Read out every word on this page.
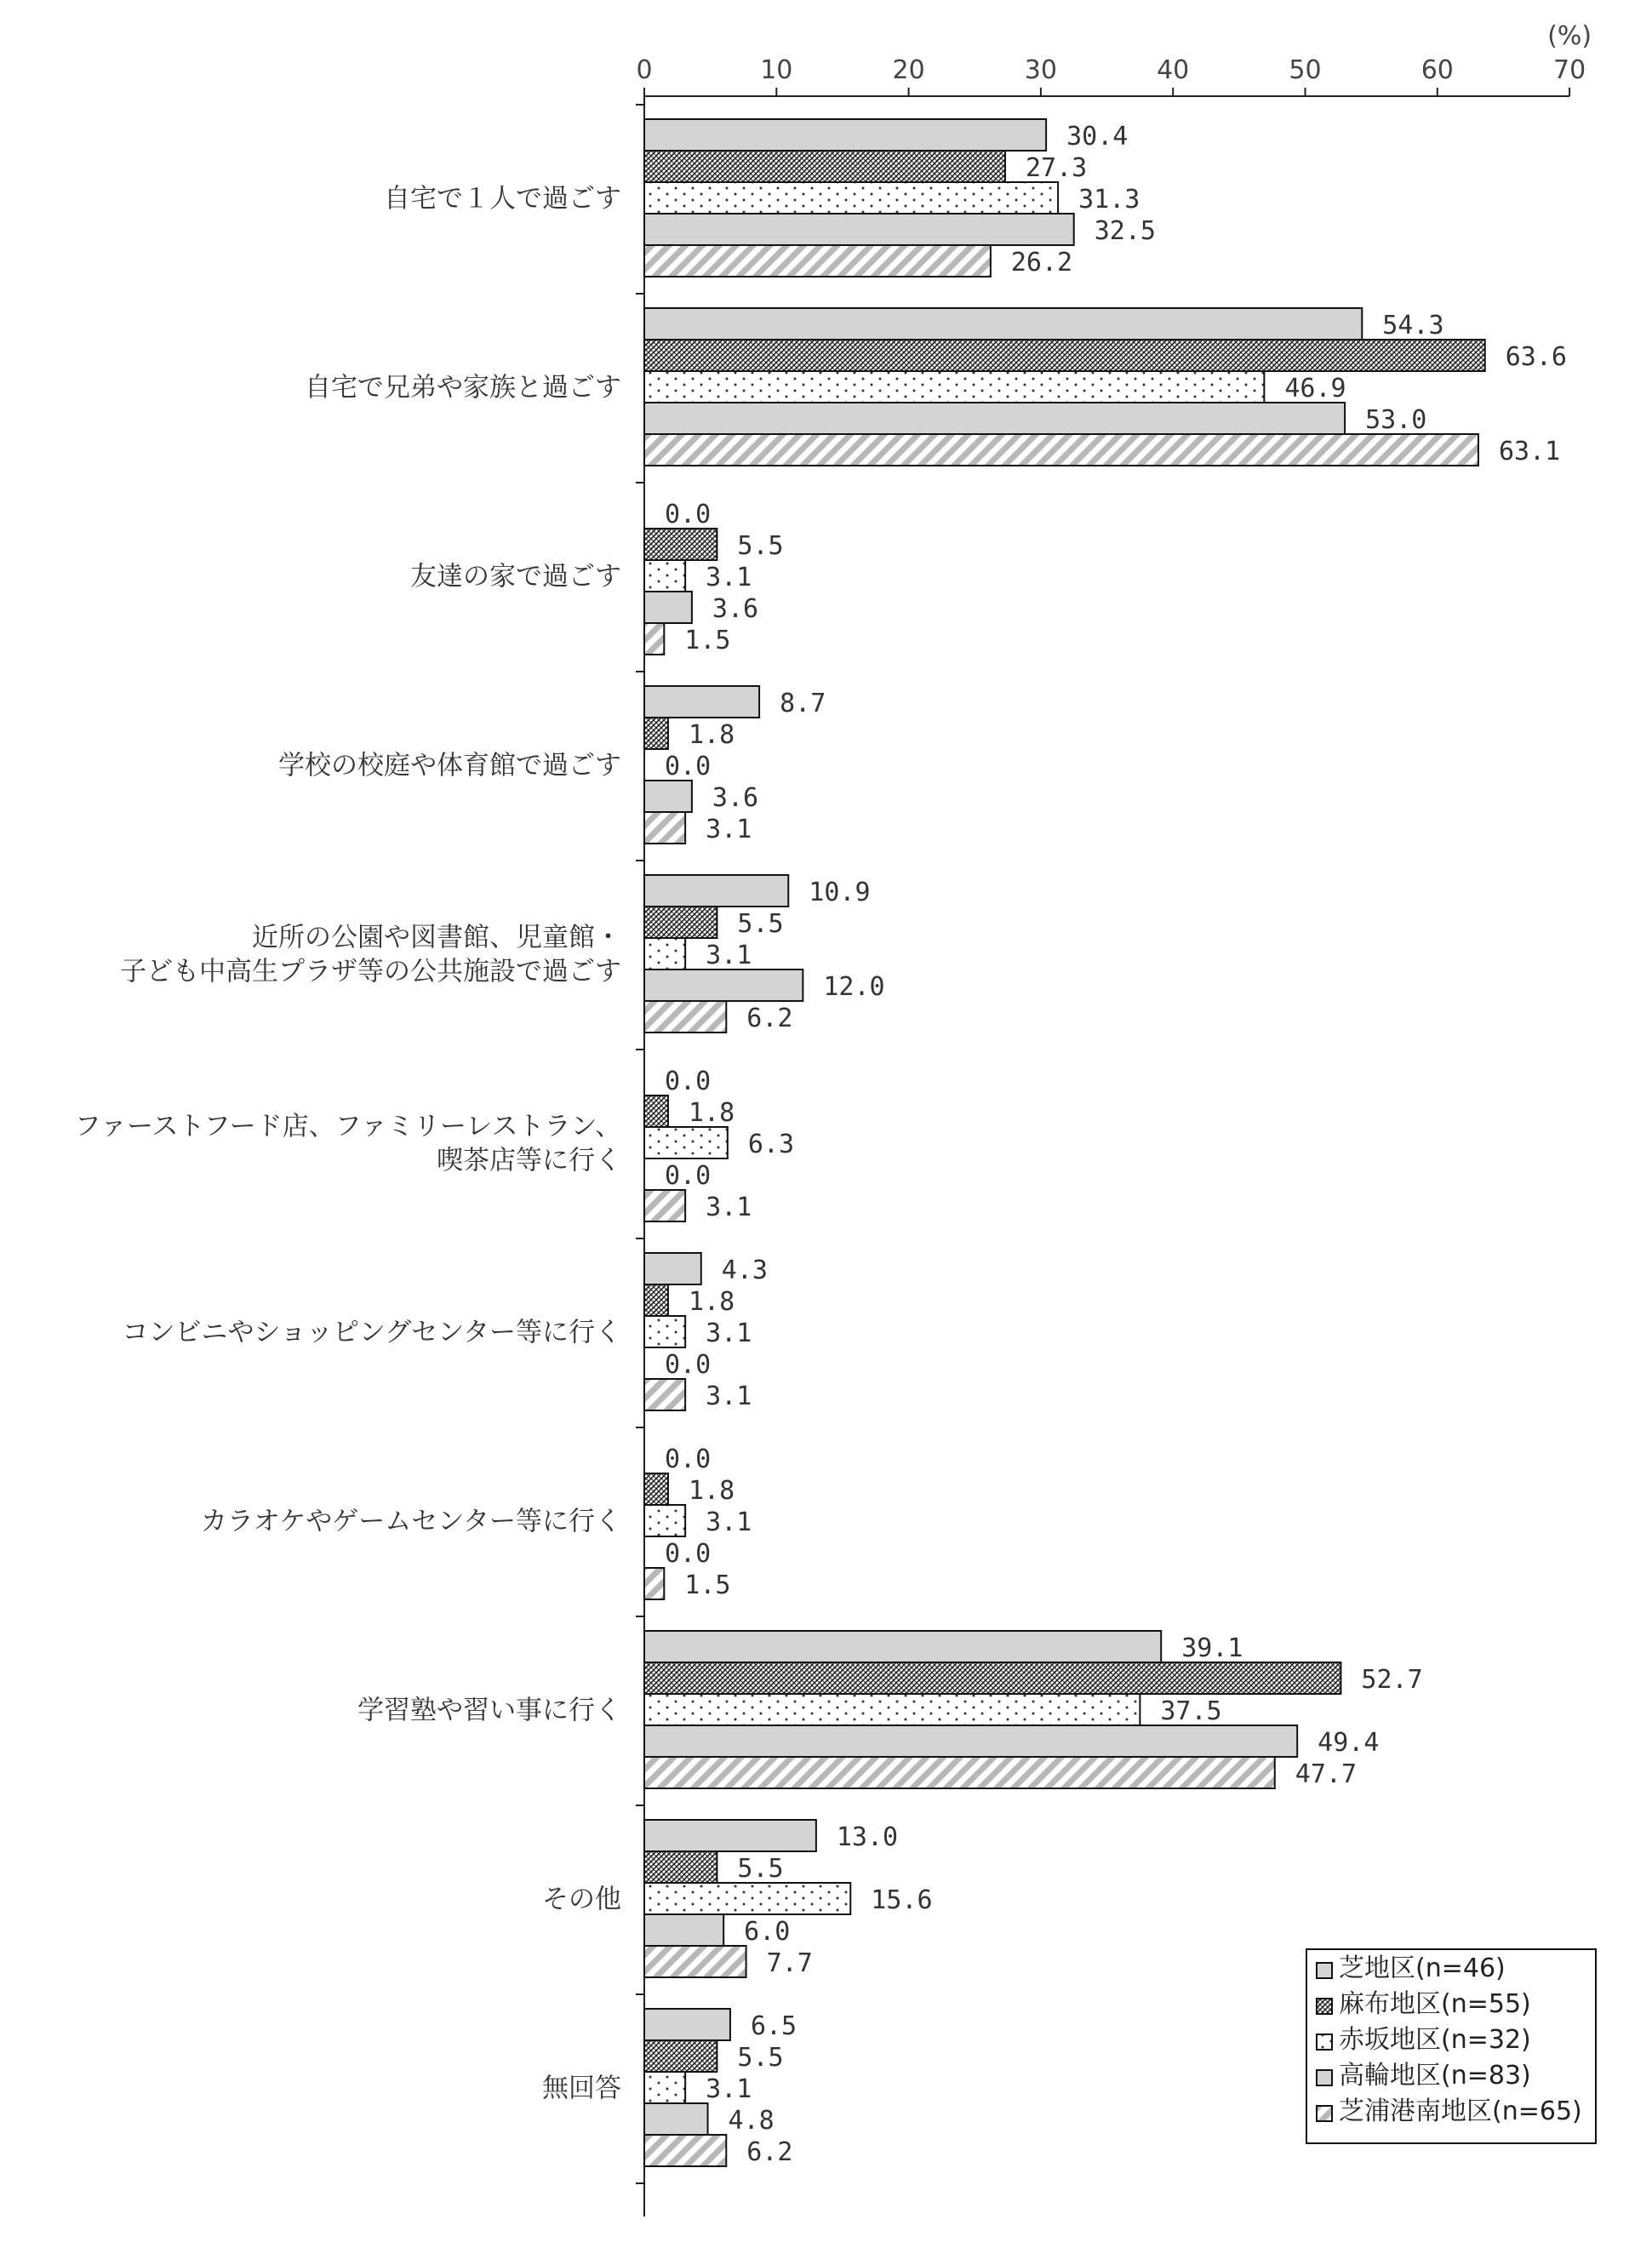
0	10	20	30	40	50	60	70
(%)
自宅で１人で過ごす
30.4
27.3
31.3
32.5
26.2
自宅で兄弟や家族と過ごす
54.3
63.6
46.9
53.0
63.1
友達の家で過ごす
0.0
5.5
3.1
3.6
1.5
学校の校庭や体育館で過ごす
8.7
1.8
0.0
3.6
3.1
近所の公園や図書館、児童館・
子ども中高生プラザ等の公共施設で過ごす
10.9
5.5
3.1
12.0
6.2
ファーストフード店、ファミリーレストラン、
喫茶店等に行く
0.0
1.8
6.3
0.0
3.1
コンビニやショッピングセンター等に行く
4.3
1.8
3.1
0.0
3.1
カラオケやゲームセンター等に行く
0.0
1.8
3.1
0.0
1.5
学習塾や習い事に行く
39.1
52.7
37.5
49.4
47.7
その他
13.0
5.5
15.6
6.0
7.7
無回答
6.5
5.5
3.1
4.8
6.2
芝地区(n=46)
麻布地区(n=55)
赤坂地区(n=32)
高輪地区(n=83)
芝浦港南地区(n=65)
